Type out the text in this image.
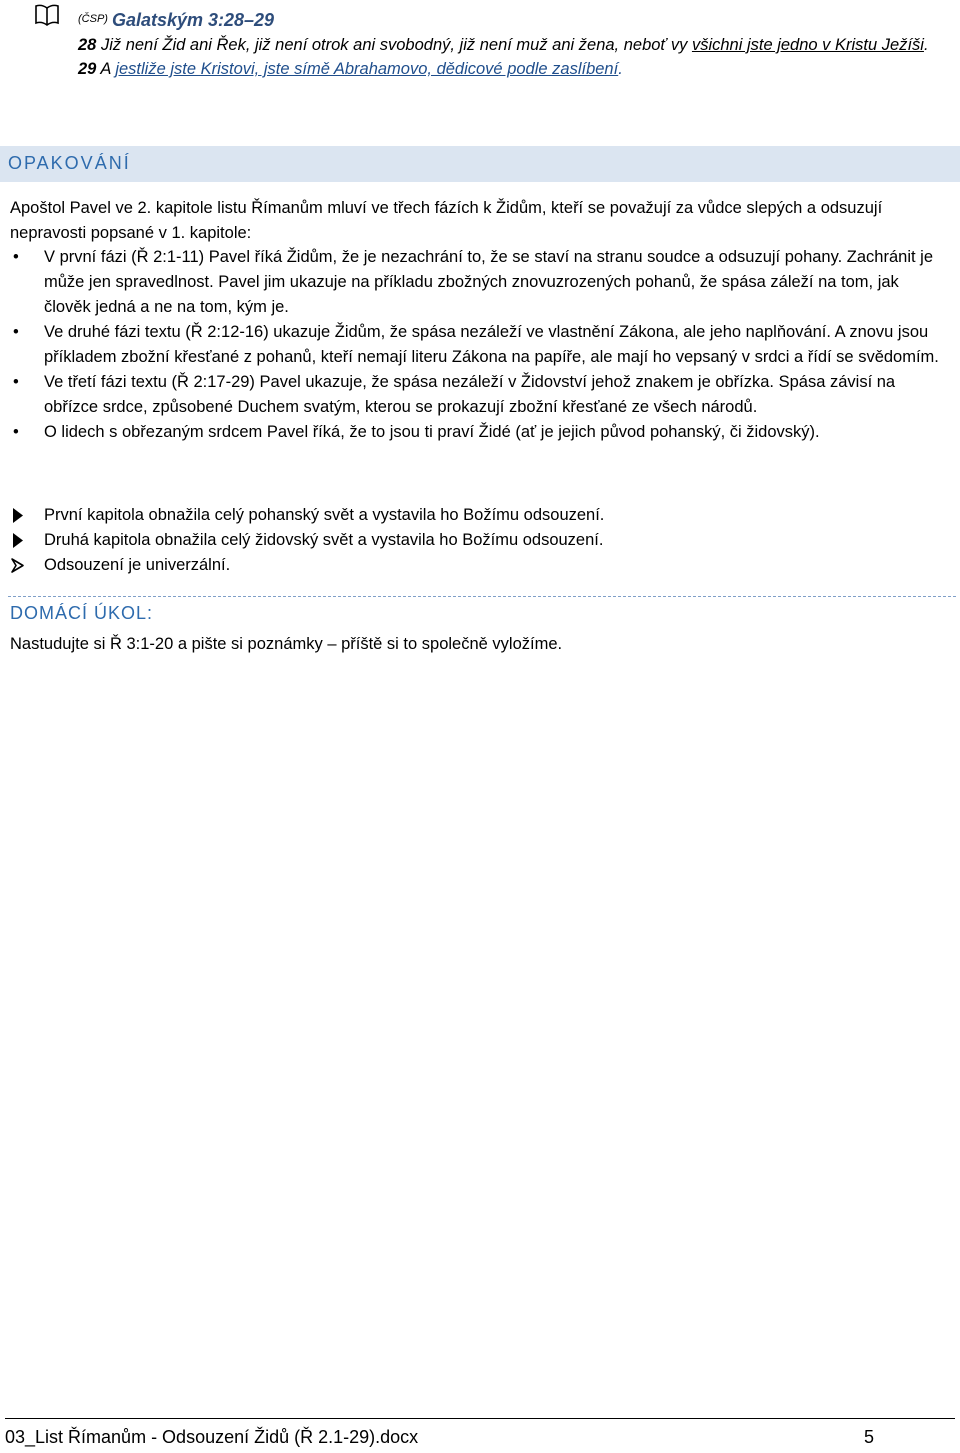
$^{(ČSP)}$ Galatským 3:28–29
28 Již není Žid ani Řek, již není otrok ani svobodný, již není muž ani žena, neboť vy všichni jste jedno v Kristu Ježíši. 29 A jestliže jste Kristovi, jste símě Abrahamovo, dědicové podle zaslíbení.
OPAKOVÁNÍ
Apoštol Pavel ve 2. kapitole listu Římanům mluví ve třech fázích k Židům, kteří se považují za vůdce slepých a odsuzují nepravosti popsané v 1. kapitole:
• V první fázi (Ř 2:1-11) Pavel říká Židům, že je nezachrání to, že se staví na stranu soudce a odsuzují pohany. Zachránit je může jen spravedlnost. Pavel jim ukazuje na příkladu zbožných znovuzrozených pohanů, že spása záleží na tom, jak člověk jedná a ne na tom, kým je.
• Ve druhé fázi textu (Ř 2:12-16) ukazuje Židům, že spása nezáleží ve vlastnění Zákona, ale jeho naplňování. A znovu jsou příkladem zbožní křesťané z pohanů, kteří nemají literu Zákona na papíře, ale mají ho vepsaný v srdci a řídí se svědomím.
• Ve třetí fázi textu (Ř 2:17-29) Pavel ukazuje, že spása nezáleží v Židovství jehož znakem je obřízka. Spása závisí na obřízce srdce, způsobené Duchem svatým, kterou se prokazují zbožní křesťané ze všech národů.
• O lidech s obřezaným srdcem Pavel říká, že to jsou ti praví Židé (ať je jejich původ pohanský, či židovský).
První kapitola obnažila celý pohanský svět a vystavila ho Božímu odsouzení.
Druhá kapitola obnažila celý židovský svět a vystavila ho Božímu odsouzení.
Odsouzení je univerzální.
DOMÁCÍ ÚKOL:
Nastudujte si Ř 3:1-20 a pište si poznámky – příště si to společně vyložíme.
03_List Římanům - Odsouzení Židů (Ř 2.1-29).docx	5
